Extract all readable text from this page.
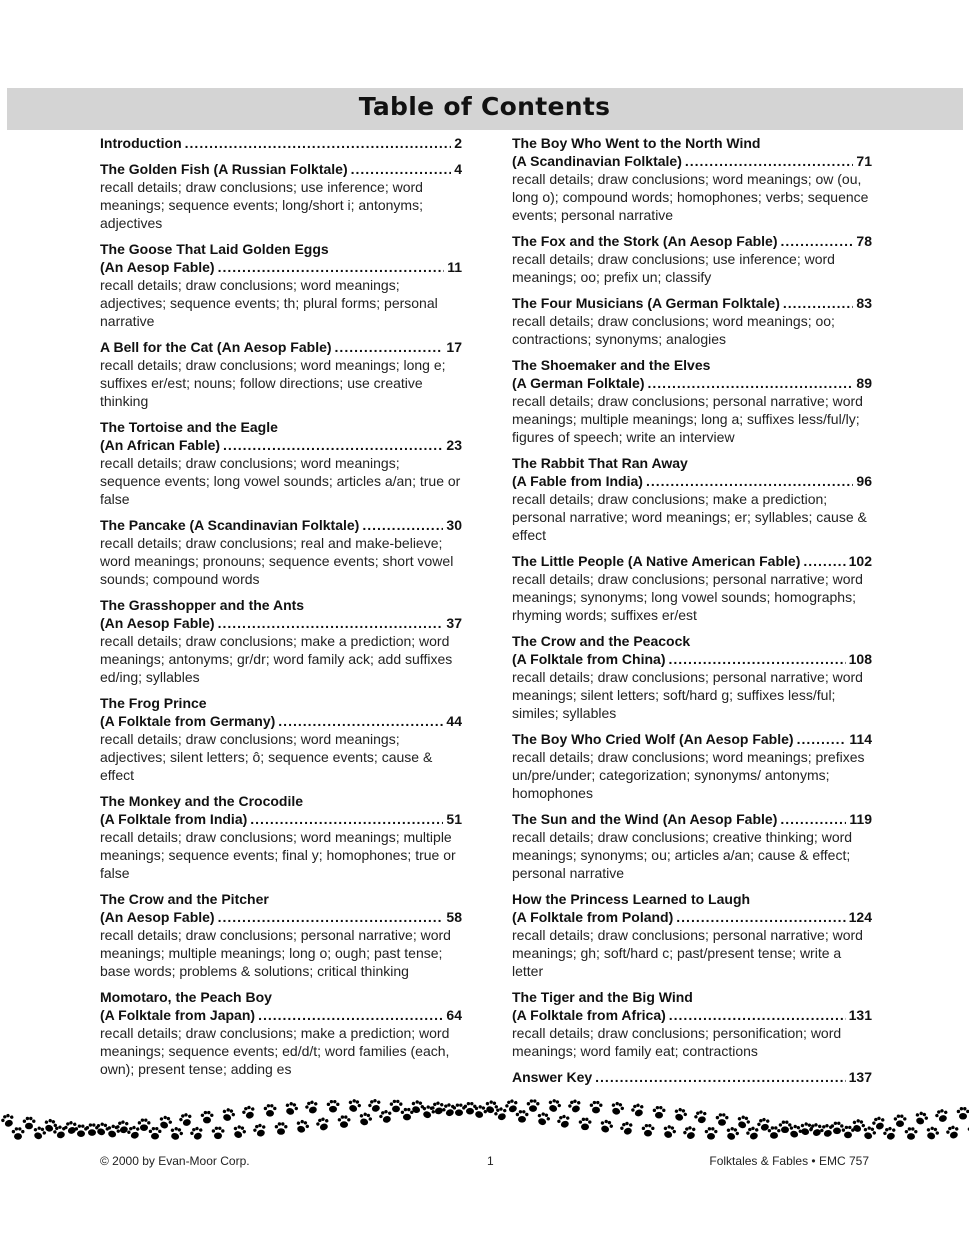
Table of Contents
Introduction .....	2
The Golden Fish (A Russian Folktale) .....	4
recall details; draw conclusions; use inference; word meanings; sequence events; long/short i; antonyms; adjectives
The Goose That Laid Golden Eggs
(An Aesop Fable) .....	11
recall details; draw conclusions; word meanings; adjectives; sequence events; th; plural forms; personal narrative
A Bell for the Cat (An Aesop Fable) .....	17
recall details; draw conclusions; word meanings; long e; suffixes er/est; nouns; follow directions; use creative thinking
The Tortoise and the Eagle
(An African Fable) .....	23
recall details; draw conclusions; word meanings; sequence events; long vowel sounds; articles a/an; true or false
The Pancake (A Scandinavian Folktale) .....	30
recall details; draw conclusions; real and make-believe; word meanings; pronouns; sequence events; short vowel sounds; compound words
The Grasshopper and the Ants
(An Aesop Fable) .....	37
recall details; draw conclusions; make a prediction; word meanings; antonyms; gr/dr; word family ack; add suffixes ed/ing; syllables
The Frog Prince
(A Folktale from Germany) .....	44
recall details; draw conclusions; word meanings; adjectives; silent letters; ô; sequence events; cause & effect
The Monkey and the Crocodile
(A Folktale from India) .....	51
recall details; draw conclusions; word meanings; multiple meanings; sequence events; final y; homophones; true or false
The Crow and the Pitcher
(An Aesop Fable) .....	58
recall details; draw conclusions; personal narrative; word meanings; multiple meanings; long o; ough; past tense; base words; problems & solutions; critical thinking
Momotaro, the Peach Boy
(A Folktale from Japan) .....	64
recall details; draw conclusions; make a prediction; word meanings; sequence events; ed/d/t; word families (each, own); present tense; adding es
The Boy Who Went to the North Wind
(A Scandinavian Folktale) .....	71
recall details; draw conclusions; word meanings; ow (ou, long o); compound words; homophones; verbs; sequence events; personal narrative
The Fox and the Stork (An Aesop Fable) .....	78
recall details; draw conclusions; use inference; word meanings; oo; prefix un; classify
The Four Musicians (A German Folktale) .....	83
recall details; draw conclusions; word meanings; oo; contractions; synonyms; analogies
The Shoemaker and the Elves
(A German Folktale) .....	89
recall details; draw conclusions; personal narrative; word meanings; multiple meanings; long a; suffixes less/ful/ly; figures of speech; write an interview
The Rabbit That Ran Away
(A Fable from India) .....	96
recall details; draw conclusions; make a prediction; personal narrative; word meanings; er; syllables; cause & effect
The Little People (A Native American Fable) .....	102
recall details; draw conclusions; personal narrative; word meanings; synonyms; long vowel sounds; homographs; rhyming words; suffixes er/est
The Crow and the Peacock
(A Folktale from China) .....	108
recall details; draw conclusions; personal narrative; word meanings; silent letters; soft/hard g; suffixes less/ful; similes; syllables
The Boy Who Cried Wolf (An Aesop Fable) .....	114
recall details; draw conclusions; word meanings; prefixes un/pre/under; categorization; synonyms/ antonyms; homophones
The Sun and the Wind (An Aesop Fable) .....	119
recall details; draw conclusions; creative thinking; word meanings; synonyms; ou; articles a/an; cause & effect; personal narrative
How the Princess Learned to Laugh
(A Folktale from Poland) .....	124
recall details; draw conclusions; personal narrative; word meanings; gh; soft/hard c; past/present tense; write a letter
The Tiger and the Big Wind
(A Folktale from Africa) .....	131
recall details; draw conclusions; personification; word meanings; word family eat; contractions
Answer Key .....	137
© 2000 by Evan-Moor Corp.	1	Folktales & Fables • EMC 757
